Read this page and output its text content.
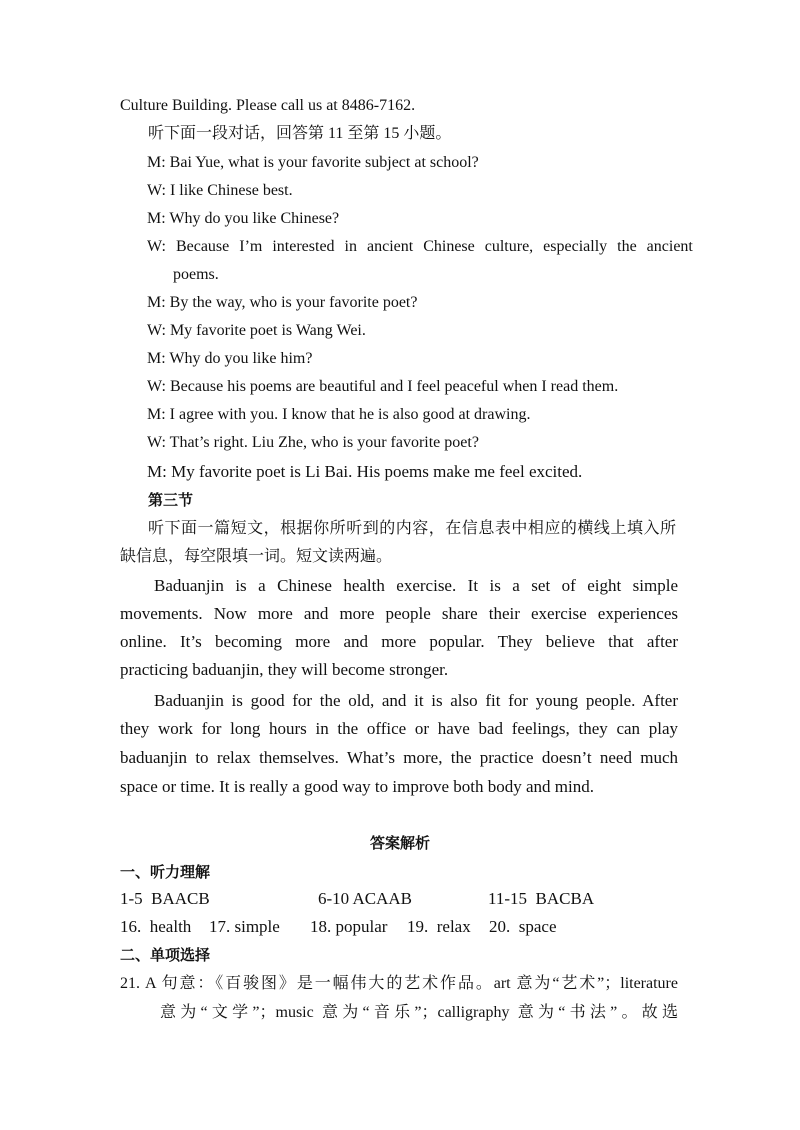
Culture Building. Please call us at 8486-7162.
听下面一段对话，回答第 11 至第 15 小题。
M: Bai Yue, what is your favorite subject at school?
W: I like Chinese best.
M: Why do you like Chinese?
W:  Because  I’m  interested  in  ancient  Chinese  culture,  especially  the  ancient
poems.
M: By the way, who is your favorite poet?
W: My favorite poet is Wang Wei.
M: Why do you like him?
W: Because his poems are beautiful and I feel peaceful when I read them.
M: I agree with you. I know that he is also good at drawing.
W: That’s right. Liu Zhe, who is your favorite poet?
M: My favorite poet is Li Bai. His poems make me feel excited.
第三节
听下面一篇短文，根据你所听到的内容，在信息表中相应的横线上填入所
缺信息，每空限填一词。短文读两遍。
Baduanjin is a Chinese health exercise. It is a set of eight simple
movements. Now more and more people share their exercise experiences
online. It’s becoming more and more popular. They believe that after
practicing baduanjin, they will become stronger.
Baduanjin is good for the old, and it is also fit for young people. After
they work for long hours in the office or have bad feelings, they can play
baduanjin to relax themselves. What’s more, the practice doesn’t need much
space or time. It is really a good way to improve both body and mind.
答案解析
一、听力理解
1-5  BAACB	6-10 ACAAB	11-15  BACBA
16.  health 17. simple 18. popular 19.  relax 20.  space
二、单项选择
21. A 句意：《百骏图》是一幅伟大的艺术作品。art 意为“艺术”；literature
意为“文学”；music 意为“音乐”；calligraphy 意为“书法”。故选
